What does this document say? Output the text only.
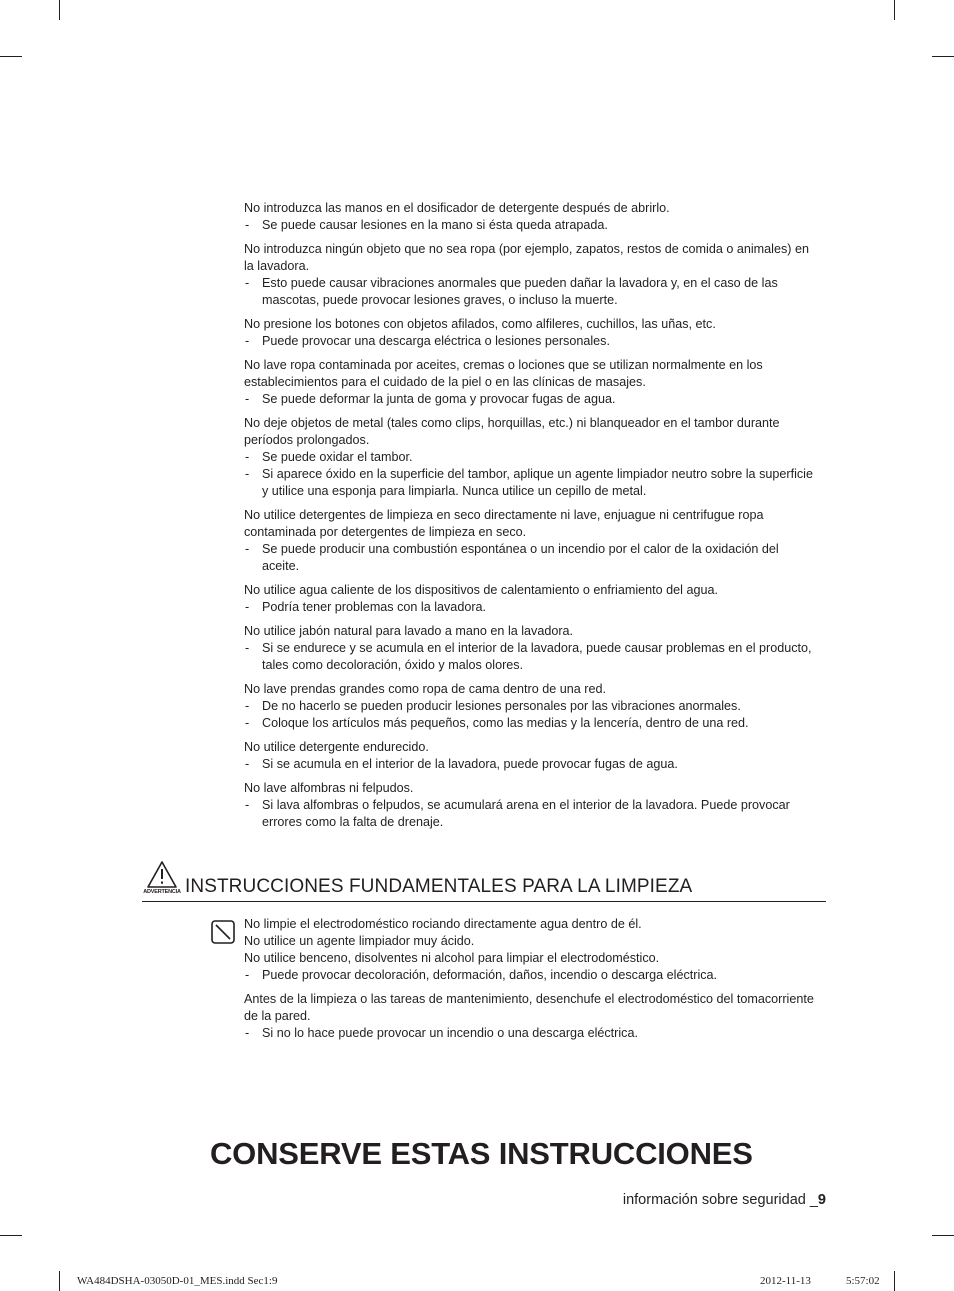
No introduzca las manos en el dosificador de detergente después de abrirlo.
- Se puede causar lesiones en la mano si ésta queda atrapada.
No introduzca ningún objeto que no sea ropa (por ejemplo, zapatos, restos de comida o animales) en
la lavadora.
- Esto puede causar vibraciones anormales que pueden dañar la lavadora y, en el caso de las
mascotas, puede provocar lesiones graves, o incluso la muerte.
No presione los botones con objetos afilados, como alfileres, cuchillos, las uñas, etc.
- Puede provocar una descarga eléctrica o lesiones personales.
No lave ropa contaminada por aceites, cremas o lociones que se utilizan normalmente en los
establecimientos para el cuidado de la piel o en las clínicas de masajes.
- Se puede deformar la junta de goma y provocar fugas de agua.
No deje objetos de metal (tales como clips, horquillas, etc.) ni blanqueador en el tambor durante
períodos prolongados.
- Se puede oxidar el tambor.
- Si aparece óxido en la superficie del tambor, aplique un agente limpiador neutro sobre la superficie
y utilice una esponja para limpiarla. Nunca utilice un cepillo de metal.
No utilice detergentes de limpieza en seco directamente ni lave, enjuague ni centrifugue ropa
contaminada por detergentes de limpieza en seco.
- Se puede producir una combustión espontánea o un incendio por el calor de la oxidación del
aceite.
No utilice agua caliente de los dispositivos de calentamiento o enfriamiento del agua.
- Podría tener problemas con la lavadora.
No utilice jabón natural para lavado a mano en la lavadora.
- Si se endurece y se acumula en el interior de la lavadora, puede causar problemas en el producto,
tales como decoloración, óxido y malos olores.
No lave prendas grandes como ropa de cama dentro de una red.
- De no hacerlo se pueden producir lesiones personales por las vibraciones anormales.
- Coloque los artículos más pequeños, como las medias y la lencería, dentro de una red.
No utilice detergente endurecido.
- Si se acumula en el interior de la lavadora, puede provocar fugas de agua.
No lave alfombras ni felpudos.
- Si lava alfombras o felpudos, se acumulará arena en el interior de la lavadora. Puede provocar
errores como la falta de drenaje.
ADVERTENCIA INSTRUCCIONES FUNDAMENTALES PARA LA LIMPIEZA
No limpie el electrodoméstico rociando directamente agua dentro de él.
No utilice un agente limpiador muy ácido.
No utilice benceno, disolventes ni alcohol para limpiar el electrodoméstico.
- Puede provocar decoloración, deformación, daños, incendio o descarga eléctrica.
Antes de la limpieza o las tareas de mantenimiento, desenchufe el electrodoméstico del tomacorriente
de la pared.
- Si no lo hace puede provocar un incendio o una descarga eléctrica.
CONSERVE ESTAS INSTRUCCIONES
información sobre seguridad _9
WA484DSHA-03050D-01_MES.indd Sec1:9	2012-11-13	5:57:02
